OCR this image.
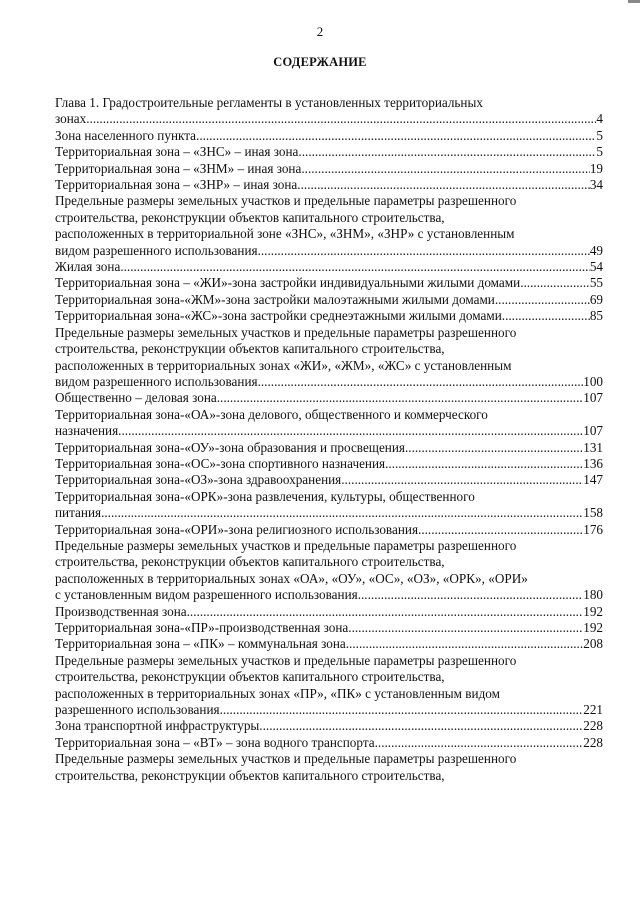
2
СОДЕРЖАНИЕ
Глава 1. Градостроительные регламенты в установленных территориальных
зонах .....	4
Зона населенного пункта .....	5
Территориальная зона – «ЗНС» – иная зона .....	5
Территориальная зона – «ЗНМ» – иная зона .....	19
Территориальная зона – «ЗНР» – иная зона .....	34
Предельные размеры земельных участков и предельные параметры разрешенного
строительства, реконструкции объектов капитального строительства,
расположенных в территориальной зоне «ЗНС», «ЗНМ», «ЗНР» с установленным
видом разрешенного использования .....	49
Жилая зона .....	54
Территориальная зона – «ЖИ»-зона застройки индивидуальными жилыми домами .....	55
Территориальная зона-«ЖМ»-зона застройки малоэтажными жилыми домами .....	69
Территориальная зона-«ЖС»-зона застройки среднеэтажными жилыми домами .....	85
Предельные размеры земельных участков и предельные параметры разрешенного
строительства, реконструкции объектов капитального строительства,
расположенных в территориальных зонах «ЖИ», «ЖМ», «ЖС» с установленным
видом разрешенного использования .....	100
Общественно – деловая зона .....	107
Территориальная зона-«ОА»-зона делового, общественного и коммерческого
назначения .....	107
Территориальная зона-«ОУ»-зона образования и просвещения .....	131
Территориальная зона-«ОС»-зона спортивного назначения .....	136
Территориальная зона-«ОЗ»-зона здравоохранения .....	147
Территориальная зона-«ОРК»-зона развлечения, культуры, общественного
питания .....	158
Территориальная зона-«ОРИ»-зона религиозного использования .....	176
Предельные размеры земельных участков и предельные параметры разрешенного
строительства, реконструкции объектов капитального строительства,
расположенных в территориальных зонах «ОА», «ОУ», «ОС», «ОЗ», «ОРК», «ОРИ»
с установленным видом разрешенного использования .....	180
Производственная зона .....	192
Территориальная зона-«ПР»-производственная зона .....	192
Территориальная зона – «ПК» – коммунальная зона .....	208
Предельные размеры земельных участков и предельные параметры разрешенного
строительства, реконструкции объектов капитального строительства,
расположенных в территориальных зонах «ПР», «ПК» с установленным видом
разрешенного использования .....	221
Зона транспортной инфраструктуры .....	228
Территориальная зона – «ВТ» – зона водного транспорта .....	228
Предельные размеры земельных участков и предельные параметры разрешенного
строительства, реконструкции объектов капитального строительства,
